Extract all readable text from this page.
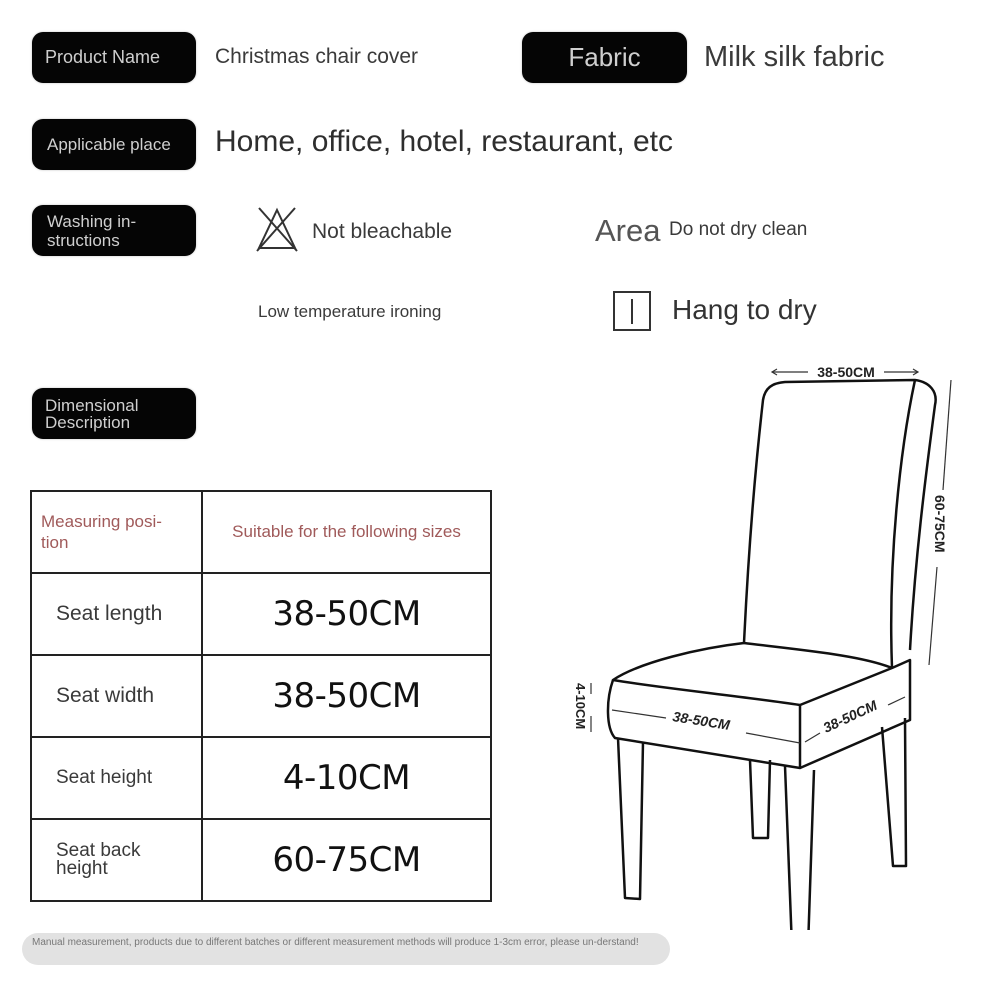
Product Name	Christmas chair cover	Fabric Milk silk fabric
Applicable place Home, office, hotel, restaurant, etc
Washing in-
structions	Not bleachable	Area Do not dry clean
Low temperature ironing	Hang to dry
Dimensional
Description
Measuring posi-
tion	Suitable for the following sizes
Seat length	38-50CM
Seat width	38-50CM
Seat height	4-10CM

Seat back
height	60-75CM
38-50CM
60-75CM
4-10CM	38-50CM	38-50CM
Manual measurement, products due to different batches or different measurement methods will produce 1-3cm error, please un-derstand!
